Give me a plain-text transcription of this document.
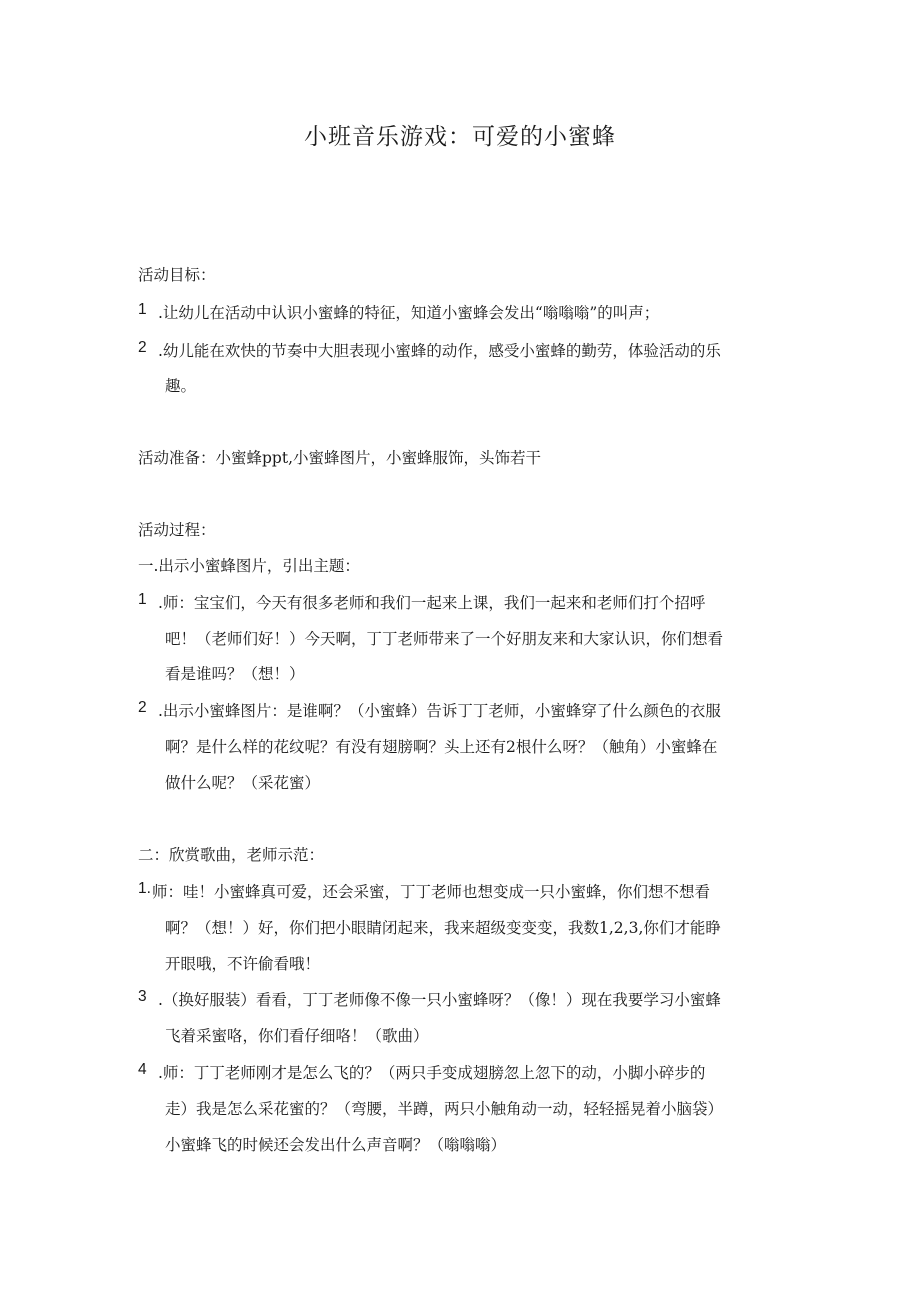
小班音乐游戏：可爱的小蜜蜂

活动目标：

1 .让幼儿在活动中认识小蜜蜂的特征，知道小蜜蜂会发出“嗡嗡嗡”的叫声；

2 .幼儿能在欢快的节奏中大胆表现小蜜蜂的动作，感受小蜜蜂的勤劳，体验活动的乐

趣。

活动准备：小蜜蜂ppt,小蜜蜂图片，小蜜蜂服饰，头饰若干

活动过程：

一.出示小蜜蜂图片，引出主题：

1 .师：宝宝们，今天有很多老师和我们一起来上课，我们一起来和老师们打个招呼

吧！（老师们好！）今天啊，丁丁老师带来了一个好朋友来和大家认识，你们想看

看是谁吗？（想！）

2 .出示小蜜蜂图片：是谁啊？（小蜜蜂）告诉丁丁老师，小蜜蜂穿了什么颜色的衣服

啊？是什么样的花纹呢？有没有翅膀啊？头上还有2根什么呀？（触角）小蜜蜂在

做什么呢？（采花蜜）

二：欣赏歌曲，老师示范：

1. 师：哇！小蜜蜂真可爱，还会采蜜，丁丁老师也想变成一只小蜜蜂，你们想不想看

啊？（想！）好，你们把小眼睛闭起来，我来超级变变变，我数1,2,3,你们才能睁

开眼哦，不许偷看哦！

3 .（换好服装）看看，丁丁老师像不像一只小蜜蜂呀？（像！）现在我要学习小蜜蜂

飞着采蜜咯，你们看仔细咯！（歌曲）

4 .师：丁丁老师刚才是怎么飞的？（两只手变成翅膀忽上忽下的动，小脚小碎步的

走）我是怎么采花蜜的？（弯腰，半蹲，两只小触角动一动，轻轻摇晃着小脑袋）

小蜜蜂飞的时候还会发出什么声音啊？（嗡嗡嗡）
